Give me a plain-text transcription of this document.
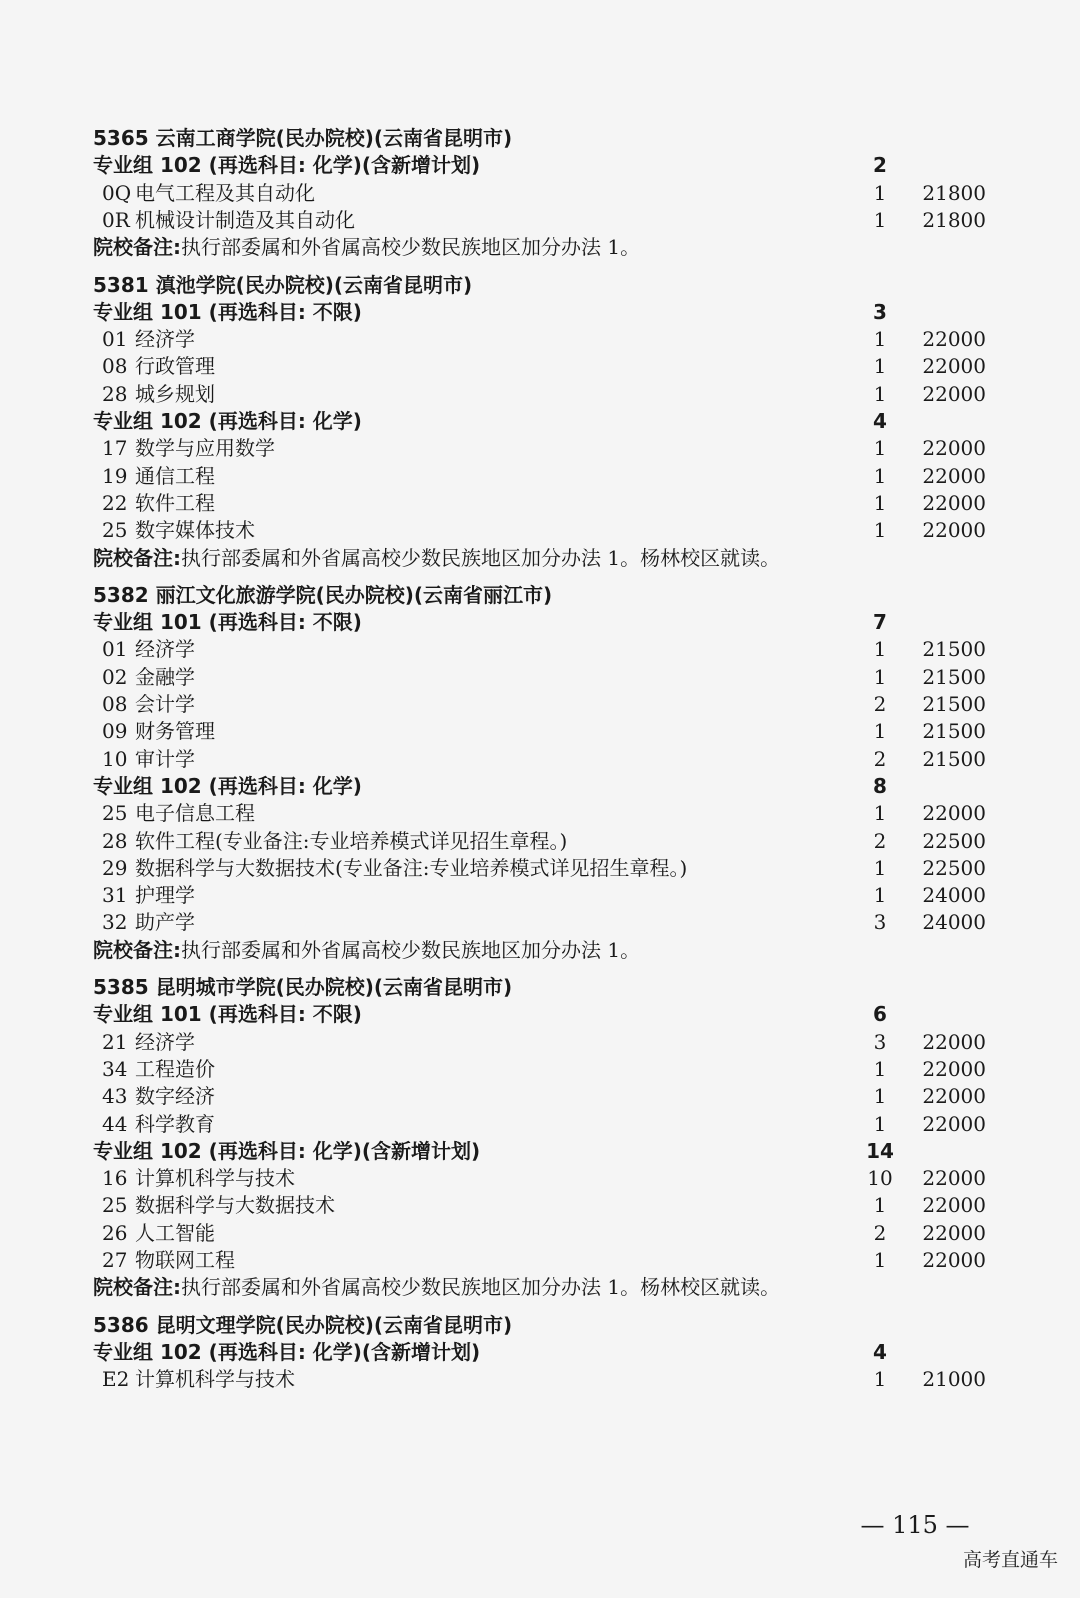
5365 云南工商学院(民办院校)(云南省昆明市)
专业组 102 (再选科目: 化学)(含新增计划)	2
0Q 电气工程及其自动化	1	21800
0R 机械设计制造及其自动化	1	21800
院校备注:执行部委属和外省属高校少数民族地区加分办法 1。
5381 滇池学院(民办院校)(云南省昆明市)
专业组 101 (再选科目: 不限)	3
01 经济学	1	22000
08 行政管理	1	22000
28 城乡规划	1	22000
专业组 102 (再选科目: 化学)	4
17 数学与应用数学	1	22000
19 通信工程	1	22000
22 软件工程	1	22000
25 数字媒体技术	1	22000
院校备注:执行部委属和外省属高校少数民族地区加分办法 1。杨林校区就读。
5382 丽江文化旅游学院(民办院校)(云南省丽江市)
专业组 101 (再选科目: 不限)	7
01 经济学	1	21500
02 金融学	1	21500
08 会计学	2	21500
09 财务管理	1	21500
10 审计学	2	21500
专业组 102 (再选科目: 化学)	8
25 电子信息工程	1	22000
28 软件工程(专业备注:专业培养模式详见招生章程。)	2	22500
29 数据科学与大数据技术(专业备注:专业培养模式详见招生章程。)	1	22500
31 护理学	1	24000
32 助产学	3	24000
院校备注:执行部委属和外省属高校少数民族地区加分办法 1。
5385 昆明城市学院(民办院校)(云南省昆明市)
专业组 101 (再选科目: 不限)	6
21 经济学	3	22000
34 工程造价	1	22000
43 数字经济	1	22000
44 科学教育	1	22000
专业组 102 (再选科目: 化学)(含新增计划)	14
16 计算机科学与技术	10	22000
25 数据科学与大数据技术	1	22000
26 人工智能	2	22000
27 物联网工程	1	22000
院校备注:执行部委属和外省属高校少数民族地区加分办法 1。杨林校区就读。
5386 昆明文理学院(民办院校)(云南省昆明市)
专业组 102 (再选科目: 化学)(含新增计划)	4
E2 计算机科学与技术	1	21000
— 115 —
高考直通车
